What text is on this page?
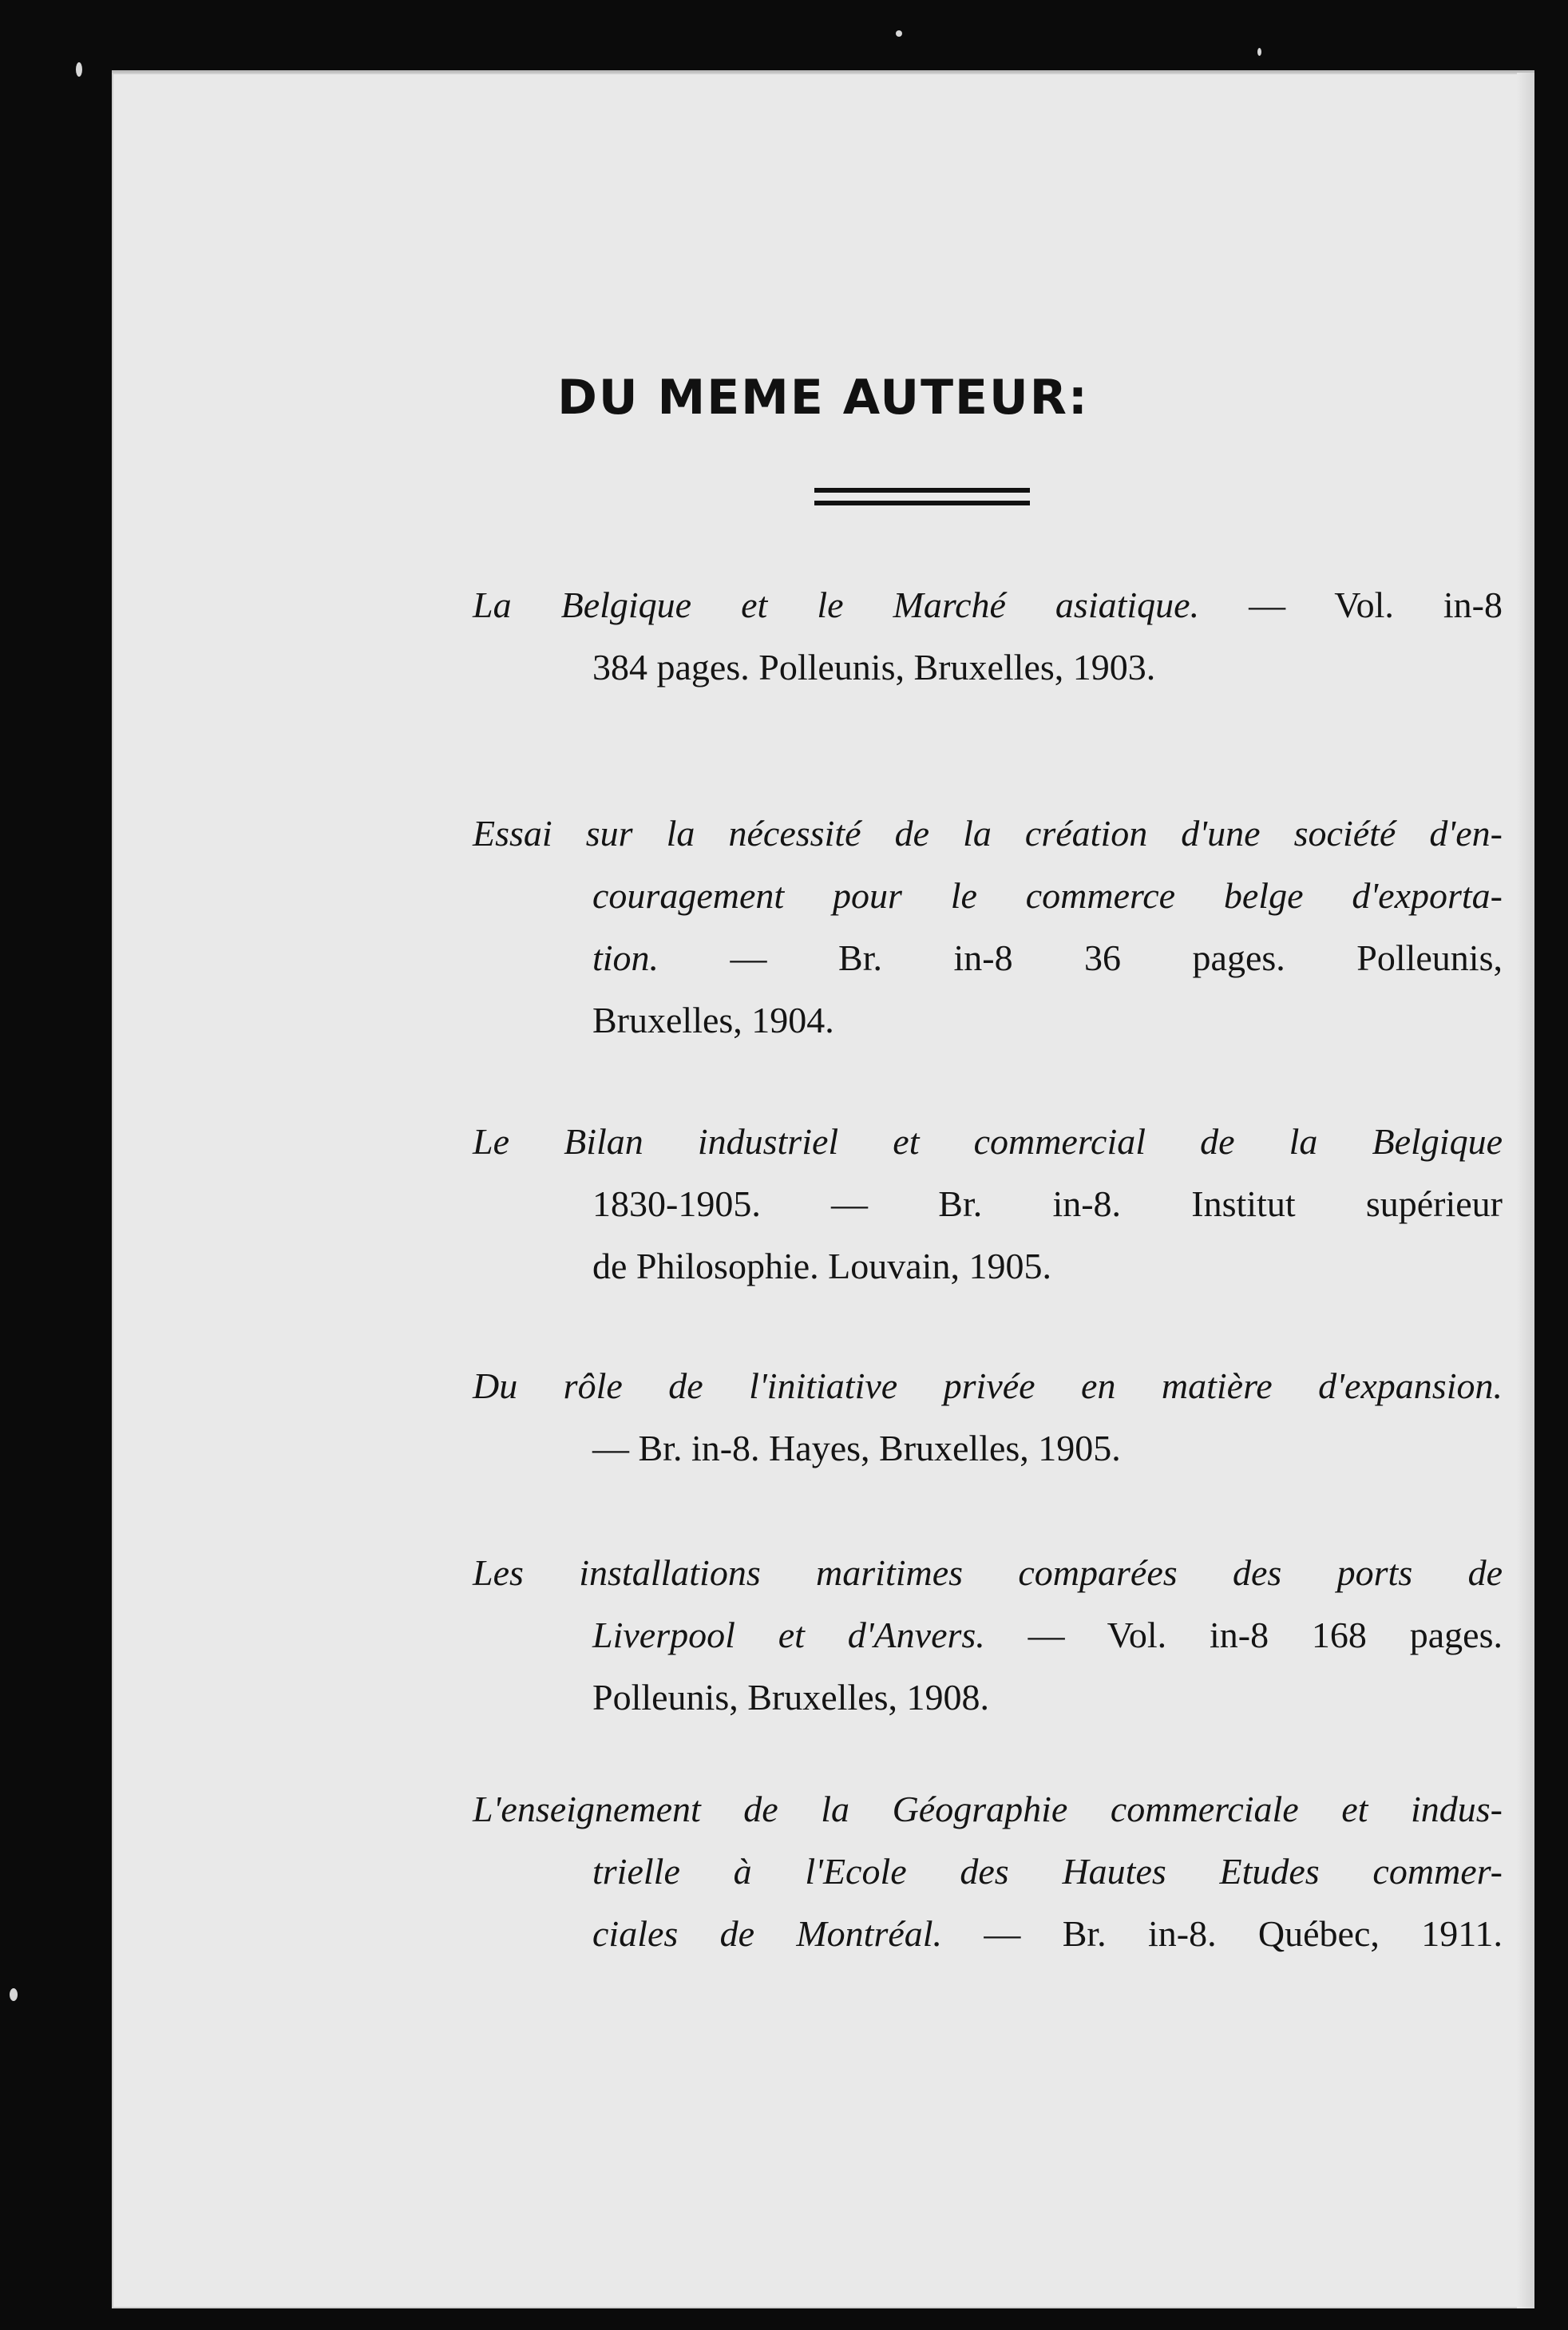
DU MEME AUTEUR:
La Belgique et le Marché asiatique. — Vol. in-8
384 pages. Polleunis, Bruxelles, 1903.
Essai sur la nécessité de la création d'une société d'en-
couragement pour le commerce belge d'exporta-
tion. — Br. in-8 36 pages. Polleunis,
Bruxelles, 1904.
Le Bilan industriel et commercial de la Belgique
1830-1905. — Br. in-8. Institut supérieur
de Philosophie. Louvain, 1905.
Du rôle de l'initiative privée en matière d'expansion.
— Br. in-8. Hayes, Bruxelles, 1905.
Les installations maritimes comparées des ports de
Liverpool et d'Anvers. — Vol. in-8 168 pages.
Polleunis, Bruxelles, 1908.
L'enseignement de la Géographie commerciale et indus-
trielle à l'Ecole des Hautes Etudes commer-
ciales de Montréal. — Br. in-8. Québec, 1911.
